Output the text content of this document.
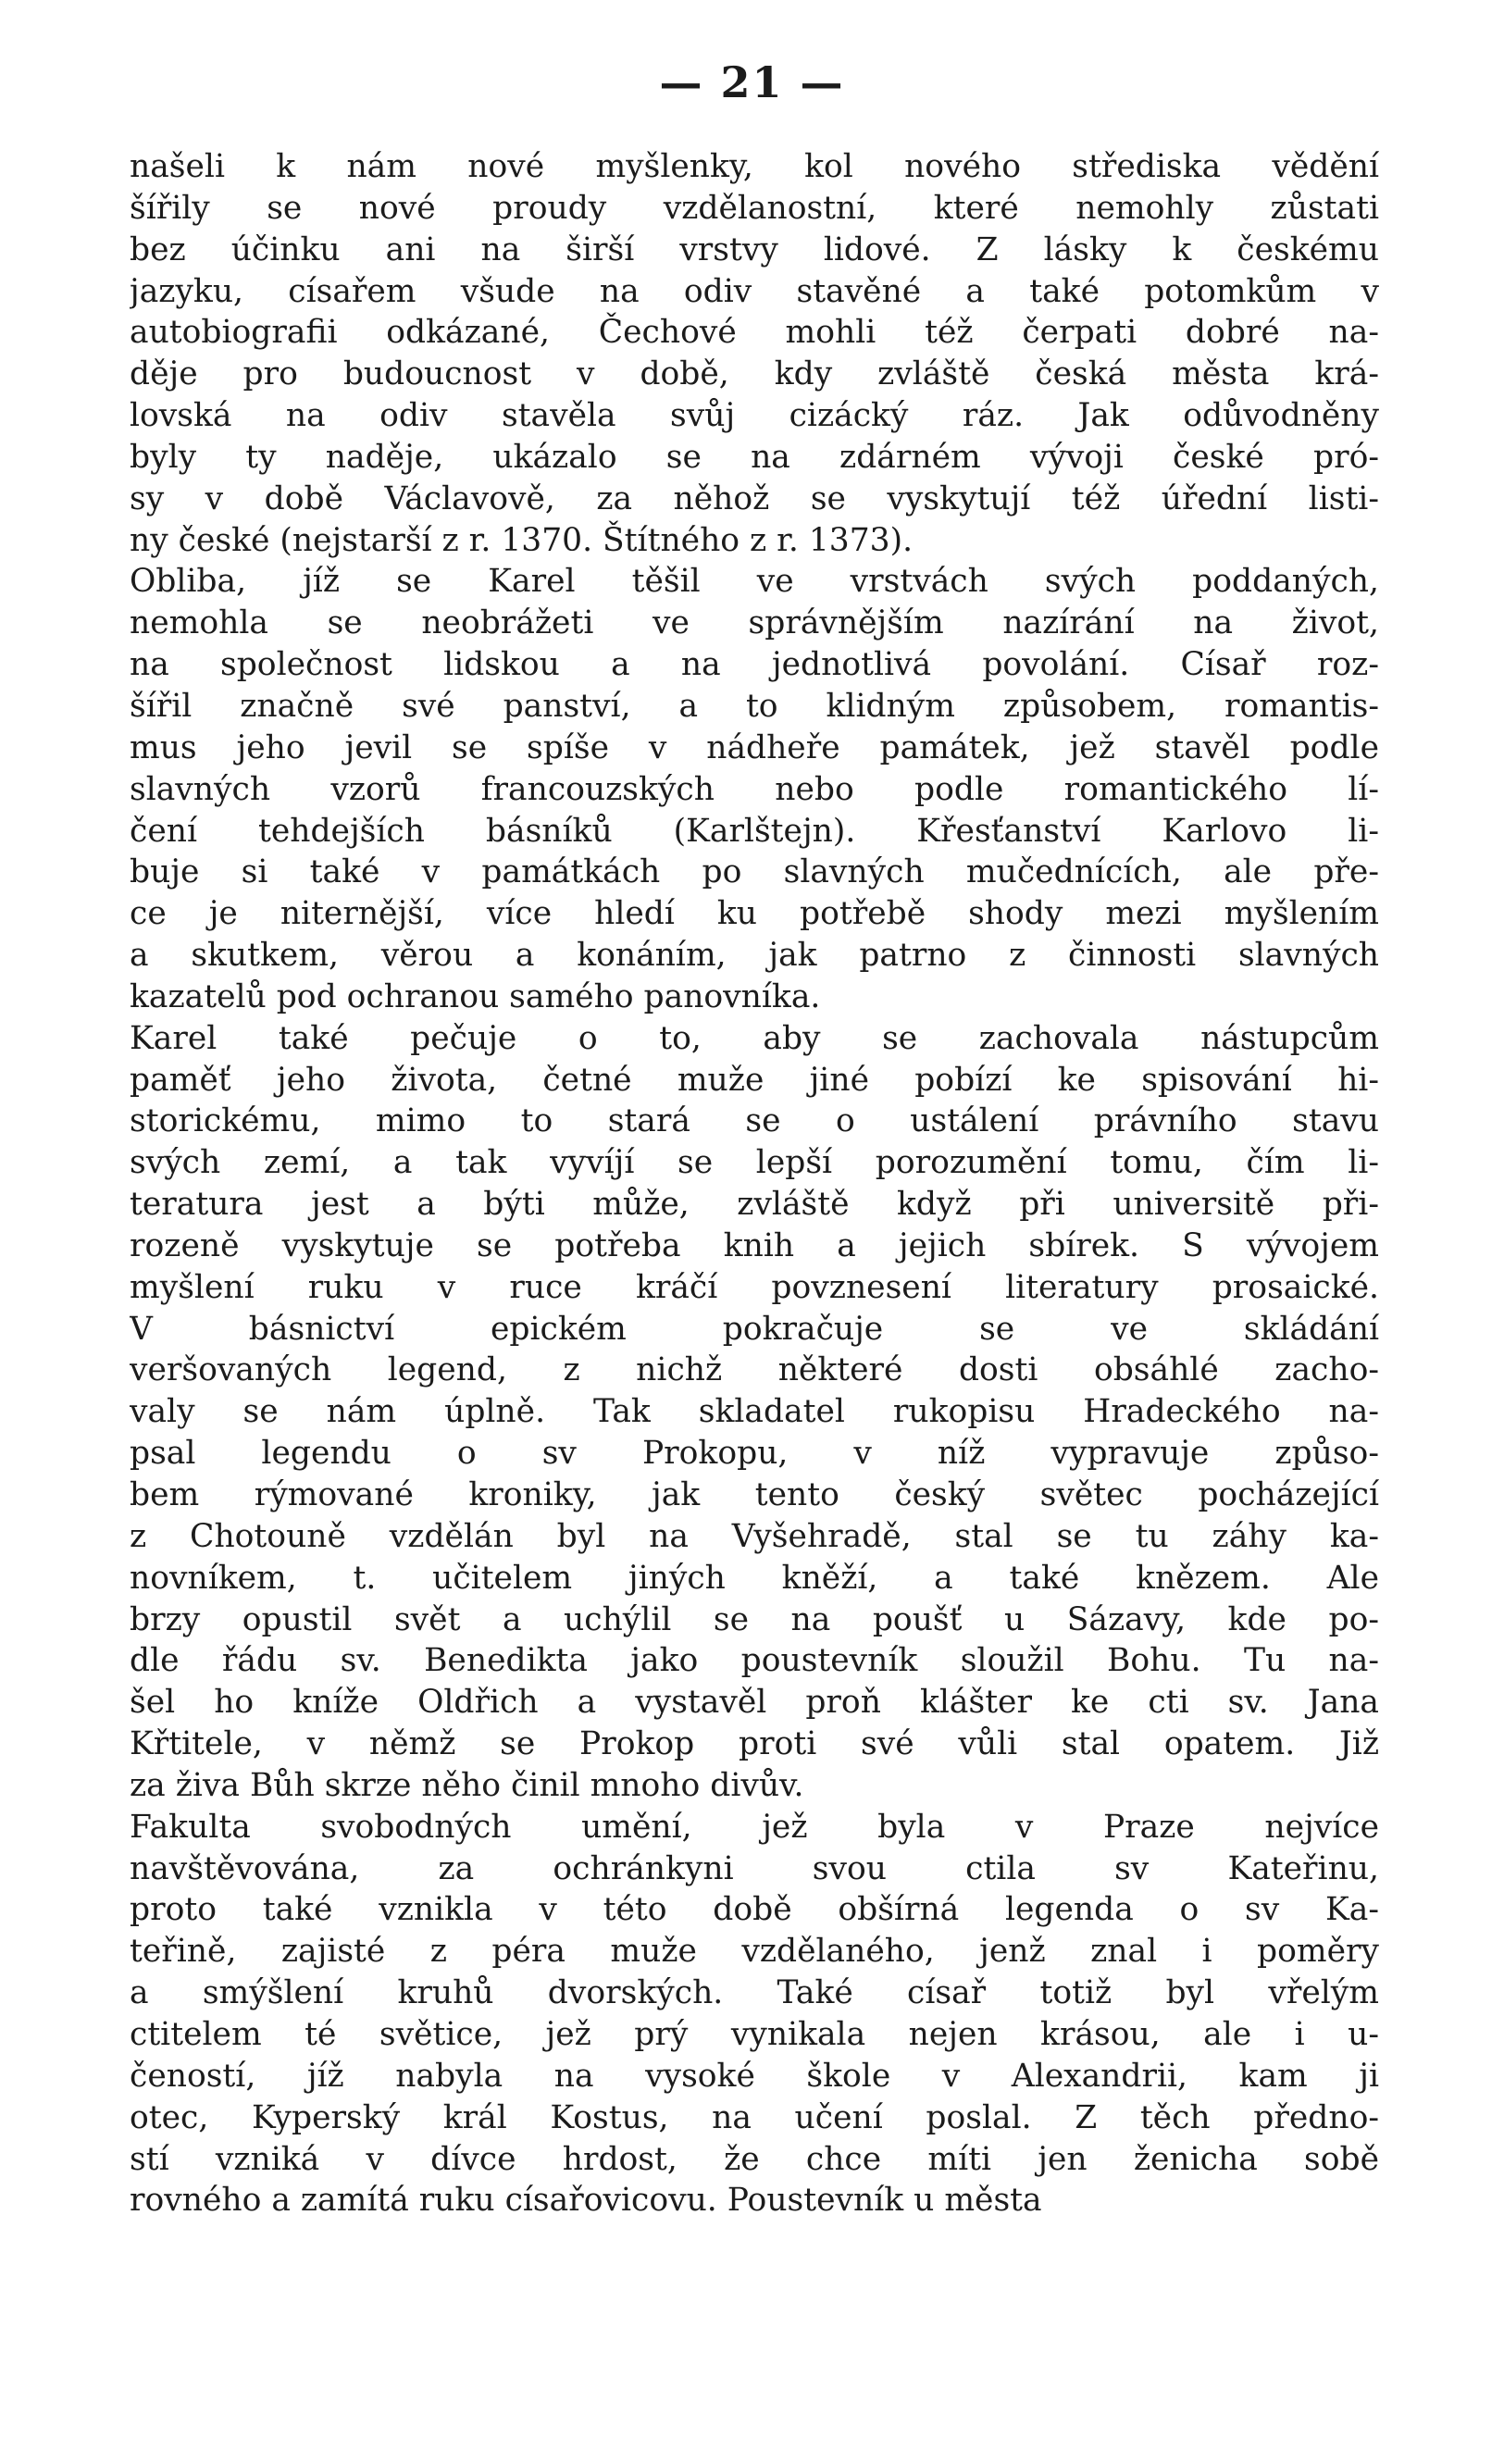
— 21 —
našeli k nám nové myšlenky, kol nového střediska vědění
šířily se nové proudy vzdělanostní, které nemohly zůstati
bez účinku ani na širší vrstvy lidové. Z lásky k českému
jazyku, císařem všude na odiv stavěné a také potomkům v
autobiografii odkázané, Čechové mohli též čerpati dobré na-
děje pro budoucnost v době, kdy zvláště česká města krá-
lovská na odiv stavěla svůj cizácký ráz. Jak odůvodněny
byly ty naděje, ukázalo se na zdárném vývoji české pró-
sy v době Václavově, za něhož se vyskytují též úřední listi-
ny české (nejstarší z r. 1370. Štítného z r. 1373).
Obliba, jíž se Karel těšil ve vrstvách svých poddaných,
nemohla se neobrážeti ve správnějším nazírání na život,
na společnost lidskou a na jednotlivá povolání. Císař roz-
šířil značně své panství, a to klidným způsobem, romantis-
mus jeho jevil se spíše v nádheře památek, jež stavěl podle
slavných vzorů francouzských nebo podle romantického lí-
čení tehdejších básníků (Karlštejn). Křesťanství Karlovo li-
buje si také v památkách po slavných mučednících, ale pře-
ce je niternější, více hledí ku potřebě shody mezi myšlením
a skutkem, věrou a konáním, jak patrno z činnosti slavných
kazatelů pod ochranou samého panovníka.
Karel také pečuje o to, aby se zachovala nástupcům
paměť jeho života, četné muže jiné pobízí ke spisování hi-
storickému, mimo to stará se o ustálení právního stavu
svých zemí, a tak vyvíjí se lepší porozumění tomu, čím li-
teratura jest a býti může, zvláště když při universitě při-
rozeně vyskytuje se potřeba knih a jejich sbírek. S vývojem
myšlení ruku v ruce kráčí povznesení literatury prosaické.
V básnictví epickém pokračuje se ve skládání
veršovaných legend, z nichž některé dosti obsáhlé zacho-
valy se nám úplně. Tak skladatel rukopisu Hradeckého na-
psal legendu o sv Prokopu, v níž vypravuje způso-
bem rýmované kroniky, jak tento český světec pocházející
z Chotouně vzdělán byl na Vyšehradě, stal se tu záhy ka-
novníkem, t. učitelem jiných kněží, a také knězem. Ale
brzy opustil svět a uchýlil se na poušť u Sázavy, kde po-
dle řádu sv. Benedikta jako poustevník sloužil Bohu. Tu na-
šel ho kníže Oldřich a vystavěl proň klášter ke cti sv. Jana
Křtitele, v němž se Prokop proti své vůli stal opatem. Již
za živa Bůh skrze něho činil mnoho divův.
Fakulta svobodných umění, jež byla v Praze nejvíce
navštěvována, za ochránkyni svou ctila sv Kateřinu,
proto také vznikla v této době obšírná legenda o sv Ka-
teřině, zajisté z péra muže vzdělaného, jenž znal i poměry
a smýšlení kruhů dvorských. Také císař totiž byl vřelým
ctitelem té světice, jež prý vynikala nejen krásou, ale i u-
čeností, jíž nabyla na vysoké škole v Alexandrii, kam ji
otec, Kyperský král Kostus, na učení poslal. Z těch předno-
stí vzniká v dívce hrdost, že chce míti jen ženicha sobě
rovného a zamítá ruku císařovicovu. Poustevník u města
